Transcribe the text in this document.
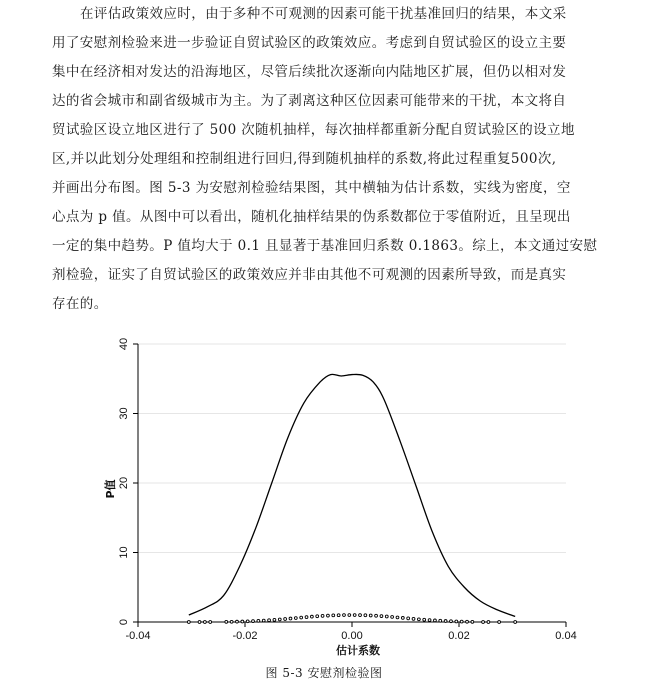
在评估政策效应时，由于多种不可观测的因素可能干扰基准回归的结果，本文采
用了安慰剂检验来进一步验证自贸试验区的政策效应。考虑到自贸试验区的设立主要
集中在经济相对发达的沿海地区，尽管后续批次逐渐向内陆地区扩展，但仍以相对发
达的省会城市和副省级城市为主。为了剥离这种区位因素可能带来的干扰，本文将自
贸试验区设立地区进行了 500 次随机抽样，每次抽样都重新分配自贸试验区的设立地
区,并以此划分处理组和控制组进行回归,得到随机抽样的系数,将此过程重复500次,
并画出分布图。图 5-3 为安慰剂检验结果图，其中横轴为估计系数，实线为密度，空
心点为 p 值。从图中可以看出，随机化抽样结果的伪系数都位于零值附近，且呈现出
一定的集中趋势。P 值均大于 0.1 且显著于基准回归系数 0.1863。综上，本文通过安慰
剂检验，证实了自贸试验区的政策效应并非由其他不可观测的因素所导致，而是真实
存在的。
0
10
20
30
40
-0.04	-0.02	0.00	0.02	0.04
P值
估计系数
图 5-3 安慰剂检验图
